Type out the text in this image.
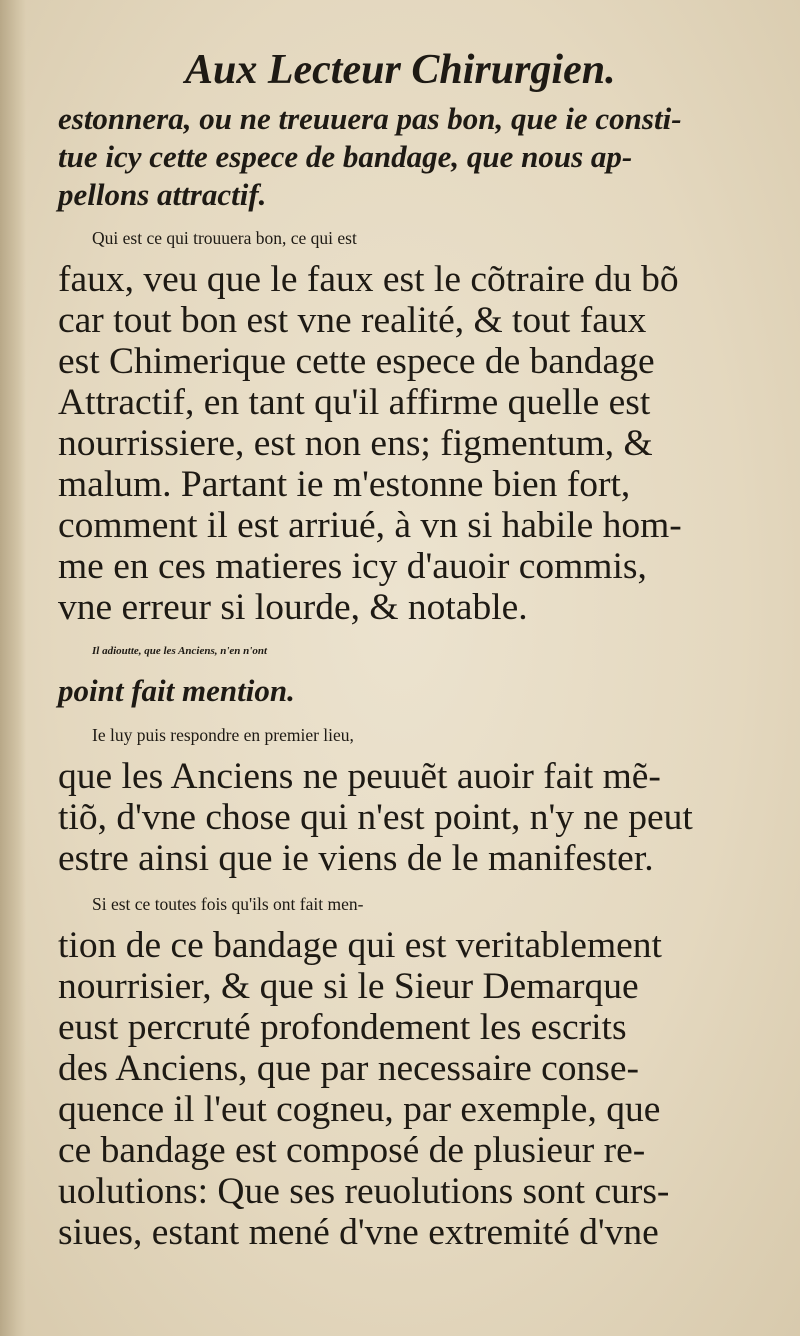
Aux Lecteur Chirurgien.
estonnera, ou ne treuuera pas bon, que ie consti-
tue icy cette espece de bandage, que nous ap-
pellons attractif.
Qui est ce qui trouuera bon, ce qui est
faux, veu que le faux est le cõtraire du bõ
car tout bon est vne realité, & tout faux
est Chimerique cette espece de bandage
Attractif, en tant qu'il affirme quelle est
nourrissiere, est non ens; figmentum, &
malum. Partant ie m'estonne bien fort,
comment il est arriué, à vn si habile hom-
me en ces matieres icy d'auoir commis,
vne erreur si lourde, & notable.
Il adioutte, que les Anciens, n'en n'ont
point fait mention.
Ie luy puis respondre en premier lieu,
que les Anciens ne peuuẽt auoir fait mẽ-
tiõ, d'vne chose qui n'est point, n'y ne peut
estre ainsi que ie viens de le manifester.
Si est ce toutes fois qu'ils ont fait men-
tion de ce bandage qui est veritablement
nourrisier, & que si le Sieur Demarque
eust percruté profondement les escrits
des Anciens, que par necessaire conse-
quence il l'eut cogneu, par exemple, que
ce bandage est composé de plusieur re-
uolutions: Que ses reuolutions sont curs-
siues, estant mené d'vne extremité d'vne
